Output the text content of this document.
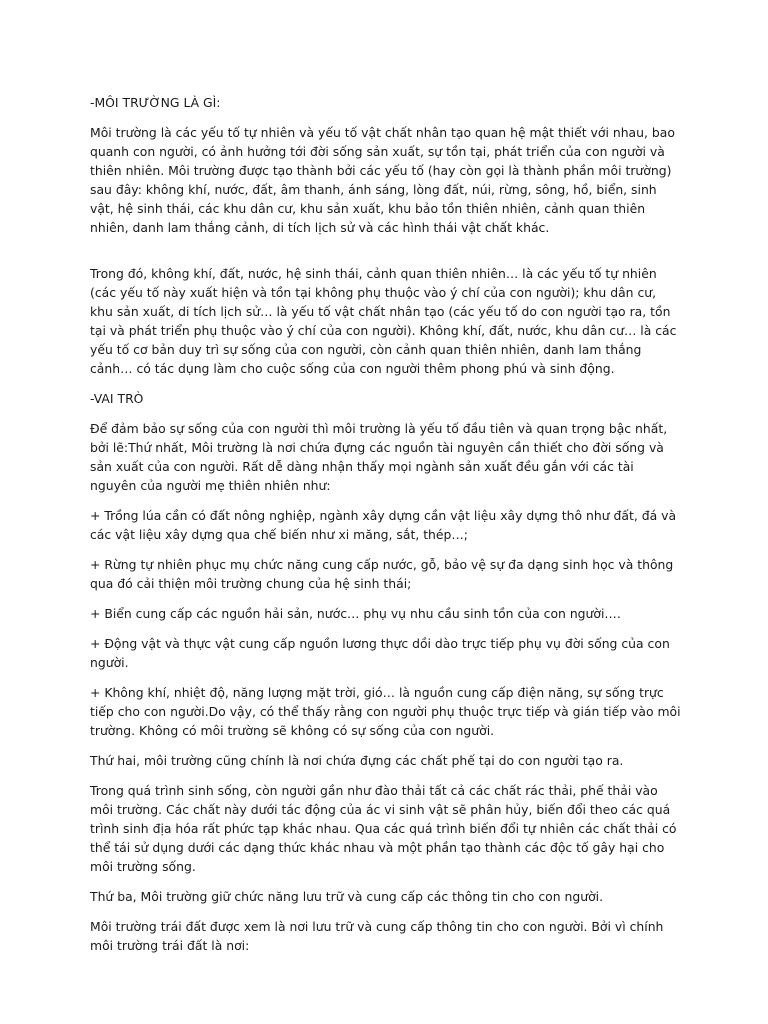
-MÔI TRƯỜNG LÀ GÌ:

Môi trường là các yếu tố tự nhiên và yếu tố vật chất nhân tạo quan hệ mật thiết với nhau, bao quanh con người, có ảnh hưởng tới đời sống sản xuất, sự tồn tại, phát triển của con người và thiên nhiên. Môi trường được tạo thành bởi các yếu tố (hay còn gọi là thành phần môi trường) sau đây: không khí, nước, đất, âm thanh, ánh sáng, lòng đất, núi, rừng, sông, hồ, biển, sinh vật, hệ sinh thái, các khu dân cư, khu sản xuất, khu bảo tồn thiên nhiên, cảnh quan thiên nhiên, danh lam thắng cảnh, di tích lịch sử và các hình thái vật chất khác.

Trong đó, không khí, đất, nước, hệ sinh thái, cảnh quan thiên nhiên… là các yếu tố tự nhiên (các yếu tố này xuất hiện và tồn tại không phụ thuộc vào ý chí của con người); khu dân cư, khu sản xuất, di tích lịch sử… là yếu tố vật chất nhân tạo (các yếu tố do con người tạo ra, tồn tại và phát triển phụ thuộc vào ý chí của con người). Không khí, đất, nước, khu dân cư… là các yếu tố cơ bản duy trì sự sống của con người, còn cảnh quan thiên nhiên, danh lam thắng cảnh… có tác dụng làm cho cuộc sống của con người thêm phong phú và sinh động.

-VAI TRÒ

Để đảm bảo sự sống của con người thì môi trường là yếu tố đầu tiên và quan trọng bậc nhất, bởi lẽ:Thứ nhất, Môi trường là nơi chứa đựng các nguồn tài nguyên cần thiết cho đời sống và sản xuất của con người. Rất dễ dàng nhận thấy mọi ngành sản xuất đều gắn với các tài nguyên của người mẹ thiên nhiên như:

+ Trồng lúa cần có đất nông nghiệp, ngành xây dựng cần vật liệu xây dựng thô như đất, đá và các vật liệu xây dựng qua chế biến như xi măng, sắt, thép…;

+ Rừng tự nhiên phục mụ chức năng cung cấp nước, gỗ, bảo vệ sự đa dạng sinh học và thông qua đó cải thiện môi trường chung của hệ sinh thái;

+ Biển cung cấp các nguồn hải sản, nước… phụ vụ nhu cầu sinh tồn của con người….

+ Động vật và thực vật cung cấp nguồn lương thực dồi dào trực tiếp phụ vụ đời sống của con người.

+ Không khí, nhiệt độ, năng lượng mặt trời, gió… là nguồn cung cấp điện năng, sự sống trực tiếp cho con người.Do vậy, có thể thấy rằng con người phụ thuộc trực tiếp và gián tiếp vào môi trường. Không có môi trường sẽ không có sự sống của con người.

Thứ hai, môi trường cũng chính là nơi chứa đựng các chất phế tại do con người tạo ra.

Trong quá trình sinh sống, còn người gần như đào thải tất cả các chất rác thải, phế thải vào môi trường. Các chất này dưới tác động của ác vi sinh vật sẽ phân hủy, biến đổi theo các quá trình sinh địa hóa rất phức tạp khác nhau. Qua các quá trình biến đổi tự nhiên các chất thải có thể tái sử dụng dưới các dạng thức khác nhau và một phần tạo thành các độc tố gây hại cho môi trường sống.

Thứ ba, Môi trường giữ chức năng lưu trữ và cung cấp các thông tin cho con người.

Môi trường trái đất được xem là nơi lưu trữ và cung cấp thông tin cho con người. Bởi vì chính môi trường trái đất là nơi:
